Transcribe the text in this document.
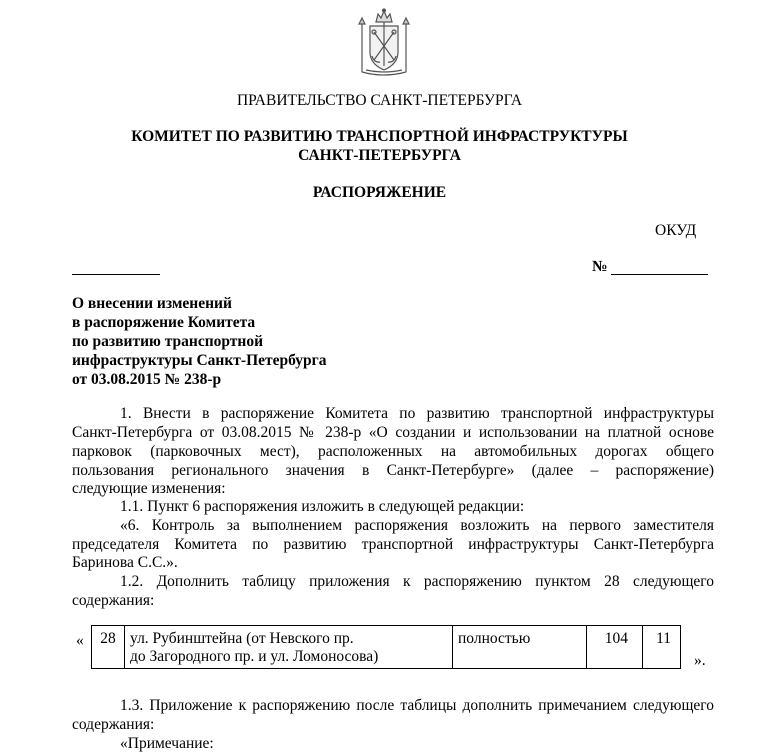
ПРАВИТЕЛЬСТВО САНКТ-ПЕТЕРБУРГА
КОМИТЕТ ПО РАЗВИТИЮ ТРАНСПОРТНОЙ ИНФРАСТРУКТУРЫ
САНКТ-ПЕТЕРБУРГА
РАСПОРЯЖЕНИЕ
ОКУД
№
О внесении изменений
в распоряжение Комитета
по развитию транспортной
инфраструктуры Санкт-Петербурга
от 03.08.2015 № 238-р
1. Внести в распоряжение Комитета по развитию транспортной инфраструктуры
Санкт-Петербурга от 03.08.2015 № 238-р «О создании и использовании на платной основе
парковок (парковочных мест), расположенных на автомобильных дорогах общего
пользования регионального значения в Санкт-Петербурге» (далее – распоряжение)
следующие изменения:
1.1. Пункт 6 распоряжения изложить в следующей редакции:
«6. Контроль за выполнением распоряжения возложить на первого заместителя
председателя Комитета по развитию транспортной инфраструктуры Санкт-Петербурга
Баринова С.С.».
1.2. Дополнить таблицу приложения к распоряжению пунктом 28 следующего
содержания:
« 28	ул. Рубинштейна (от Невского пр.
до Загородного пр. и ул. Ломоносова)
	полностью	104	11
».
1.3. Приложение к распоряжению после таблицы дополнить примечанием следующего
содержания:
«Примечание:
